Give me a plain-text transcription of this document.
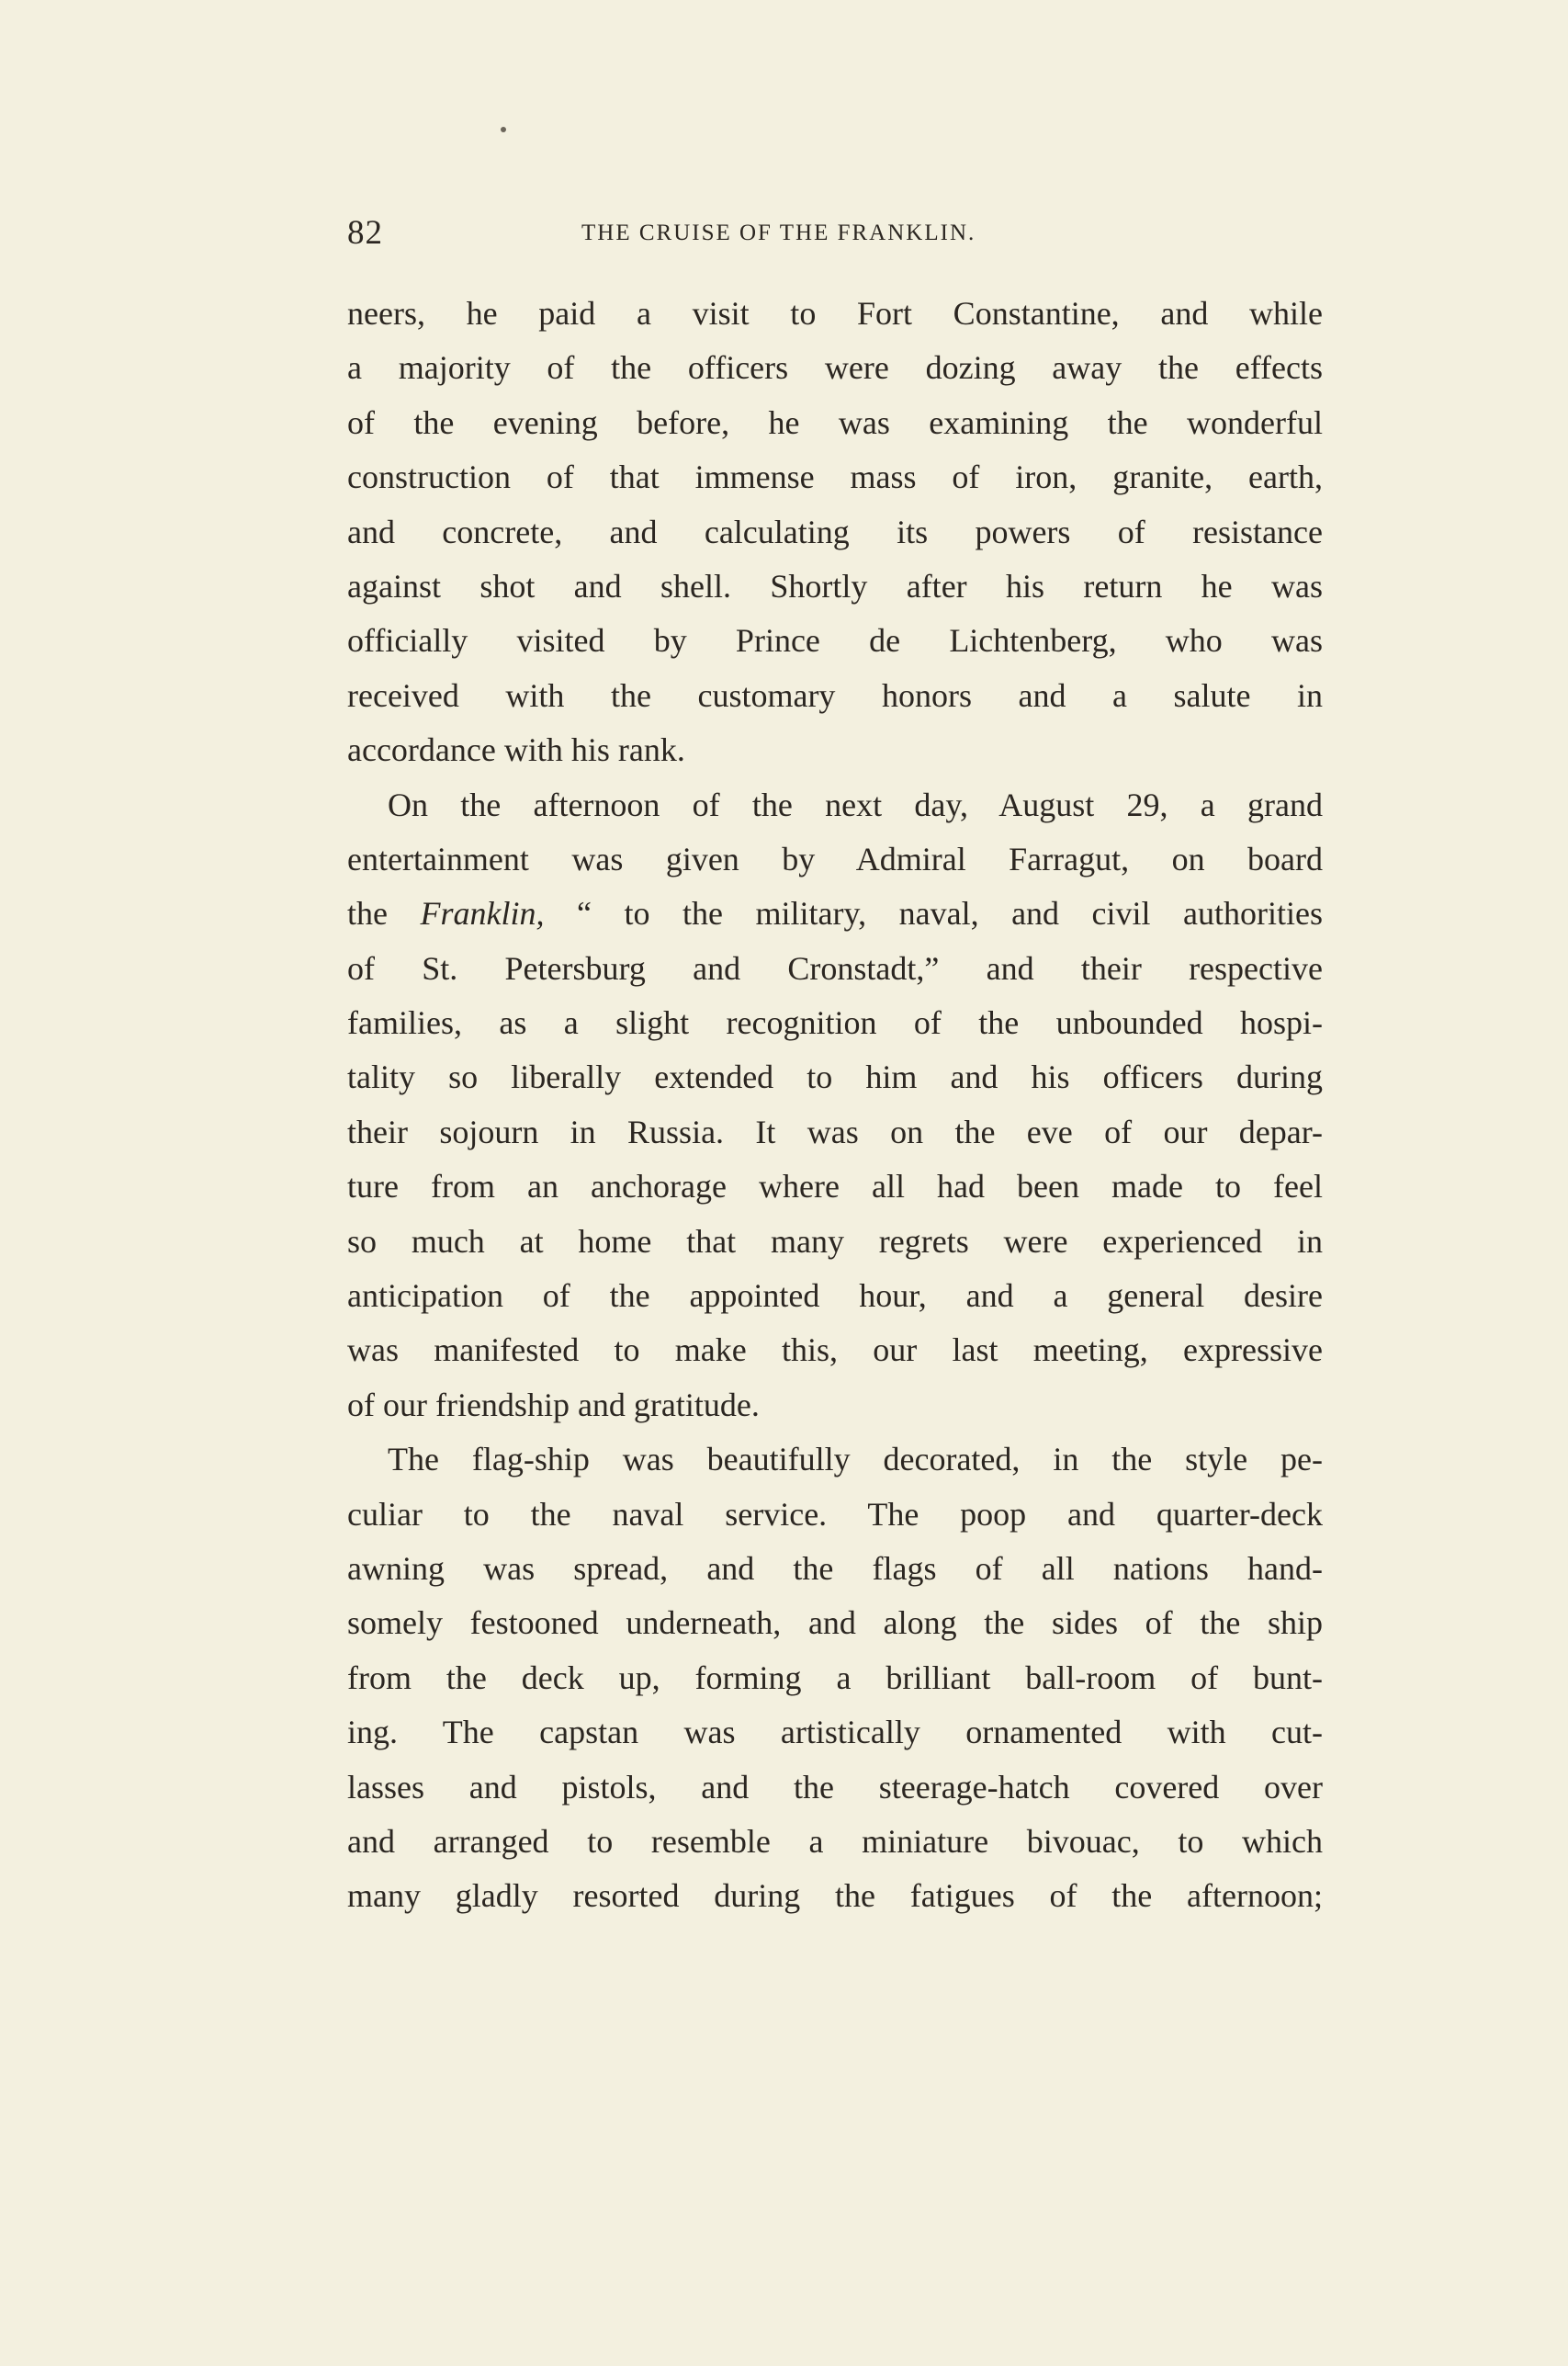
82	THE CRUISE OF THE FRANKLIN.
neers, he paid a visit to Fort Constantine, and while
a majority of the officers were dozing away the effects
of the evening before, he was examining the wonderful
construction of that immense mass of iron, granite, earth,
and concrete, and calculating its powers of resistance
against shot and shell. Shortly after his return he was
officially visited by Prince de Lichtenberg, who was
received with the customary honors and a salute in
accordance with his rank.
On the afternoon of the next day, August 29, a grand
entertainment was given by Admiral Farragut, on board
the Franklin, “ to the military, naval, and civil authorities
of St. Petersburg and Cronstadt,” and their respective
families, as a slight recognition of the unbounded hospi-
tality so liberally extended to him and his officers during
their sojourn in Russia. It was on the eve of our depar-
ture from an anchorage where all had been made to feel
so much at home that many regrets were experienced in
anticipation of the appointed hour, and a general desire
was manifested to make this, our last meeting, expressive
of our friendship and gratitude.
The flag-ship was beautifully decorated, in the style pe-
culiar to the naval service. The poop and quarter-deck
awning was spread, and the flags of all nations hand-
somely festooned underneath, and along the sides of the ship
from the deck up, forming a brilliant ball-room of bunt-
ing. The capstan was artistically ornamented with cut-
lasses and pistols, and the steerage-hatch covered over
and arranged to resemble a miniature bivouac, to which
many gladly resorted during the fatigues of the afternoon;
